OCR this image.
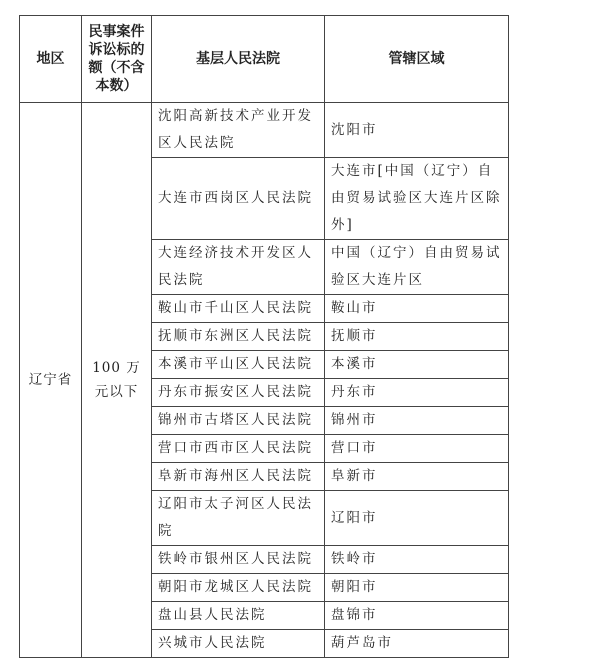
地区	民事案件诉讼标的额（不含本数）	基层人民法院	管辖区域
辽宁省	100 万元以下	沈阳高新技术产业开发区人民法院	沈阳市
		大连市西岗区人民法院	大连市[中国（辽宁）自由贸易试验区大连片区除外]
		大连经济技术开发区人民法院	中国（辽宁）自由贸易试验区大连片区
		鞍山市千山区人民法院	鞍山市
		抚顺市东洲区人民法院	抚顺市
		本溪市平山区人民法院	本溪市
		丹东市振安区人民法院	丹东市
		锦州市古塔区人民法院	锦州市
		营口市西市区人民法院	营口市
		阜新市海州区人民法院	阜新市
		辽阳市太子河区人民法院	辽阳市
		铁岭市银州区人民法院	铁岭市
		朝阳市龙城区人民法院	朝阳市
		盘山县人民法院	盘锦市
		兴城市人民法院	葫芦岛市
